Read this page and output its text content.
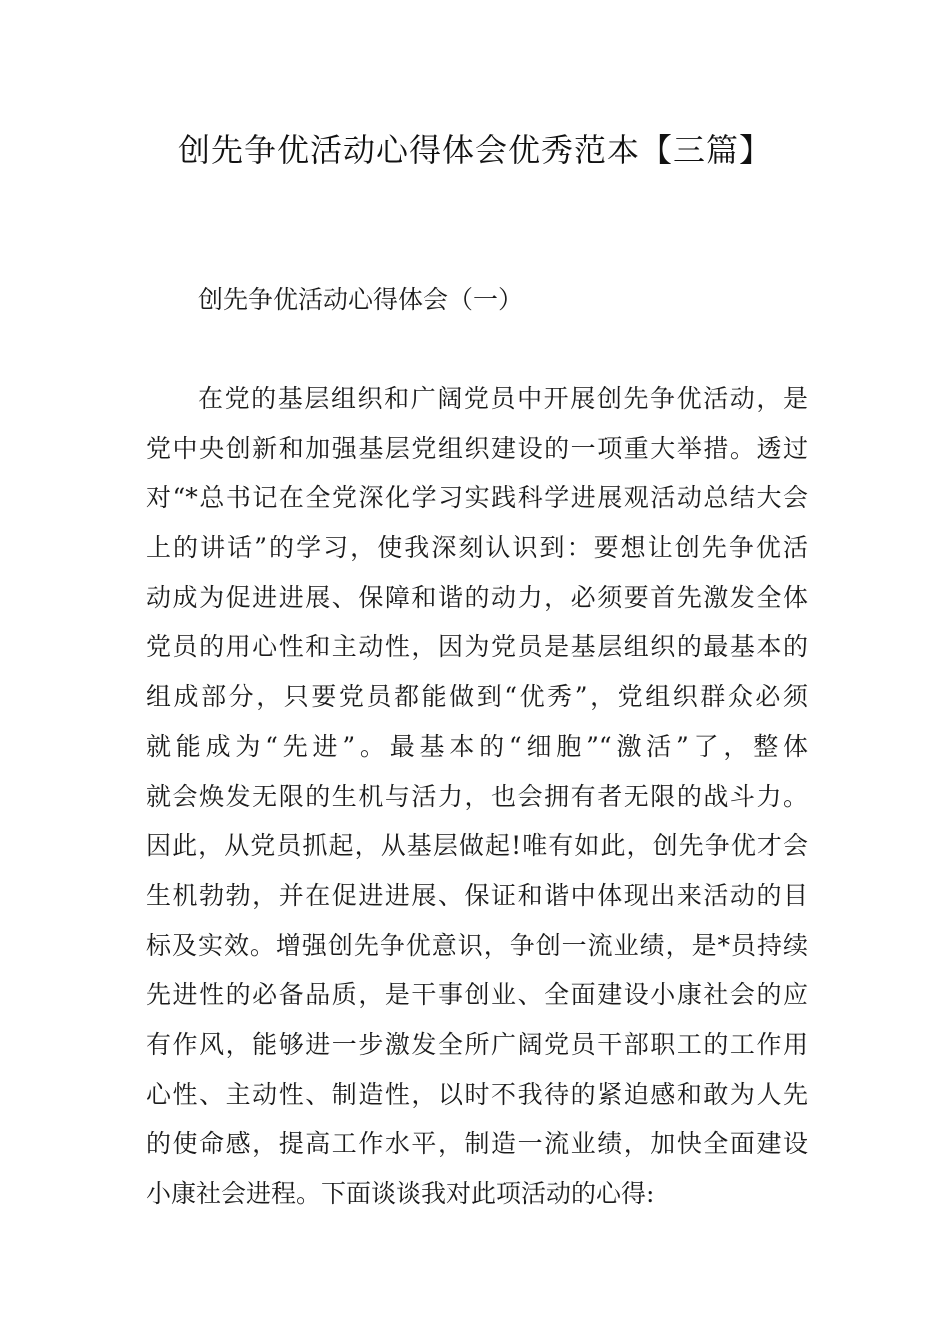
创先争优活动心得体会优秀范本【三篇】
创先争优活动心得体会（一）
在党的基层组织和广阔党员中开展创先争优活动，是
党中央创新和加强基层党组织建设的一项重大举措。透过
对“*总书记在全党深化学习实践科学进展观活动总结大会
上的讲话”的学习，使我深刻认识到：要想让创先争优活
动成为促进进展、保障和谐的动力，必须要首先激发全体
党员的用心性和主动性，因为党员是基层组织的最基本的
组成部分，只要党员都能做到“优秀”，党组织群众必须
就能成为“先进”。最基本的“细胞”“激活”了，整体
就会焕发无限的生机与活力，也会拥有者无限的战斗力。
因此，从党员抓起，从基层做起!唯有如此，创先争优才会
生机勃勃，并在促进进展、保证和谐中体现出来活动的目
标及实效。增强创先争优意识，争创一流业绩，是*员持续
先进性的必备品质，是干事创业、全面建设小康社会的应
有作风，能够进一步激发全所广阔党员干部职工的工作用
心性、主动性、制造性，以时不我待的紧迫感和敢为人先
的使命感，提高工作水平，制造一流业绩，加快全面建设
小康社会进程。下面谈谈我对此项活动的心得:
